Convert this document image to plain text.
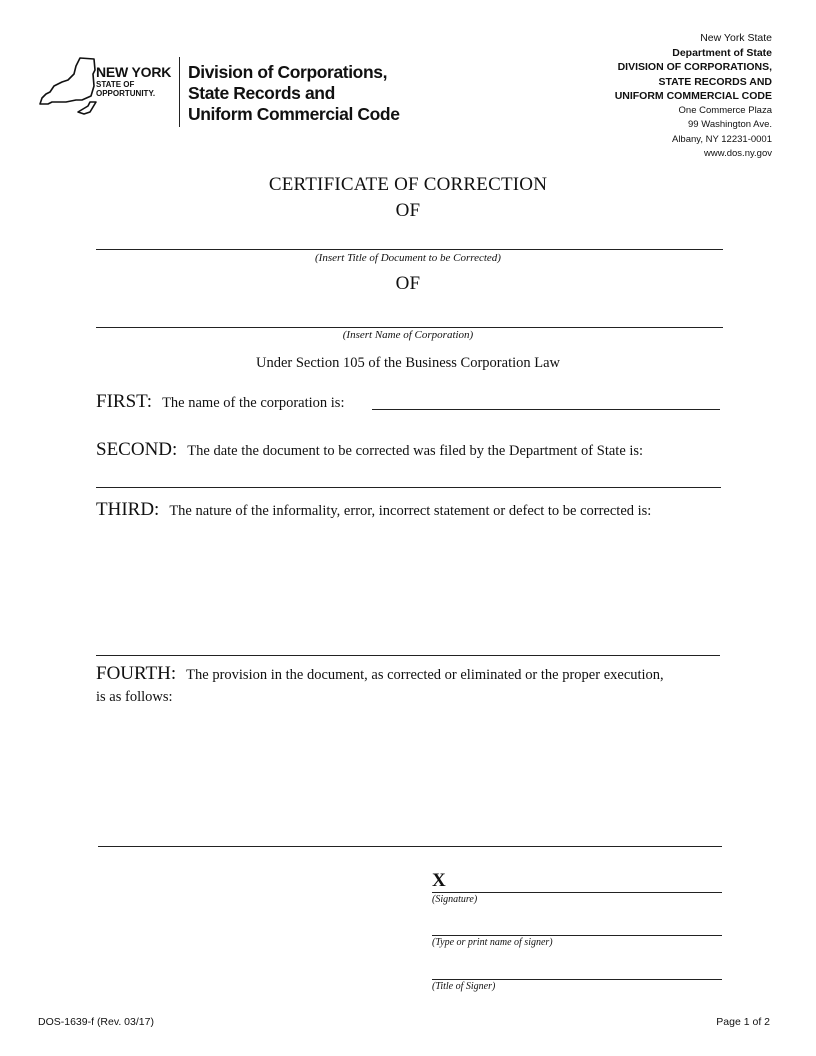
NEW YORK
STATE OF
OPPORTUNITY.
Division of Corporations,
State Records and
Uniform Commercial Code
New York State
Department of State
DIVISION OF CORPORATIONS,
STATE RECORDS AND
UNIFORM COMMERCIAL CODE
One Commerce Plaza
99 Washington Ave.
Albany, NY 12231-0001
www.dos.ny.gov
CERTIFICATE OF CORRECTION
OF
(Insert Title of Document to be Corrected)
OF
(Insert Name of Corporation)
Under Section 105 of the Business Corporation Law
FIRST: The name of the corporation is:
SECOND: The date the document to be corrected was filed by the Department of State is:
THIRD: The nature of the informality, error, incorrect statement or defect to be corrected is:
FOURTH: The provision in the document, as corrected or eliminated or the proper execution,
is as follows:
X
(Signature)
(Type or print name of signer)
(Title of Signer)
DOS-1639-f (Rev. 03/17)	Page 1 of 2
